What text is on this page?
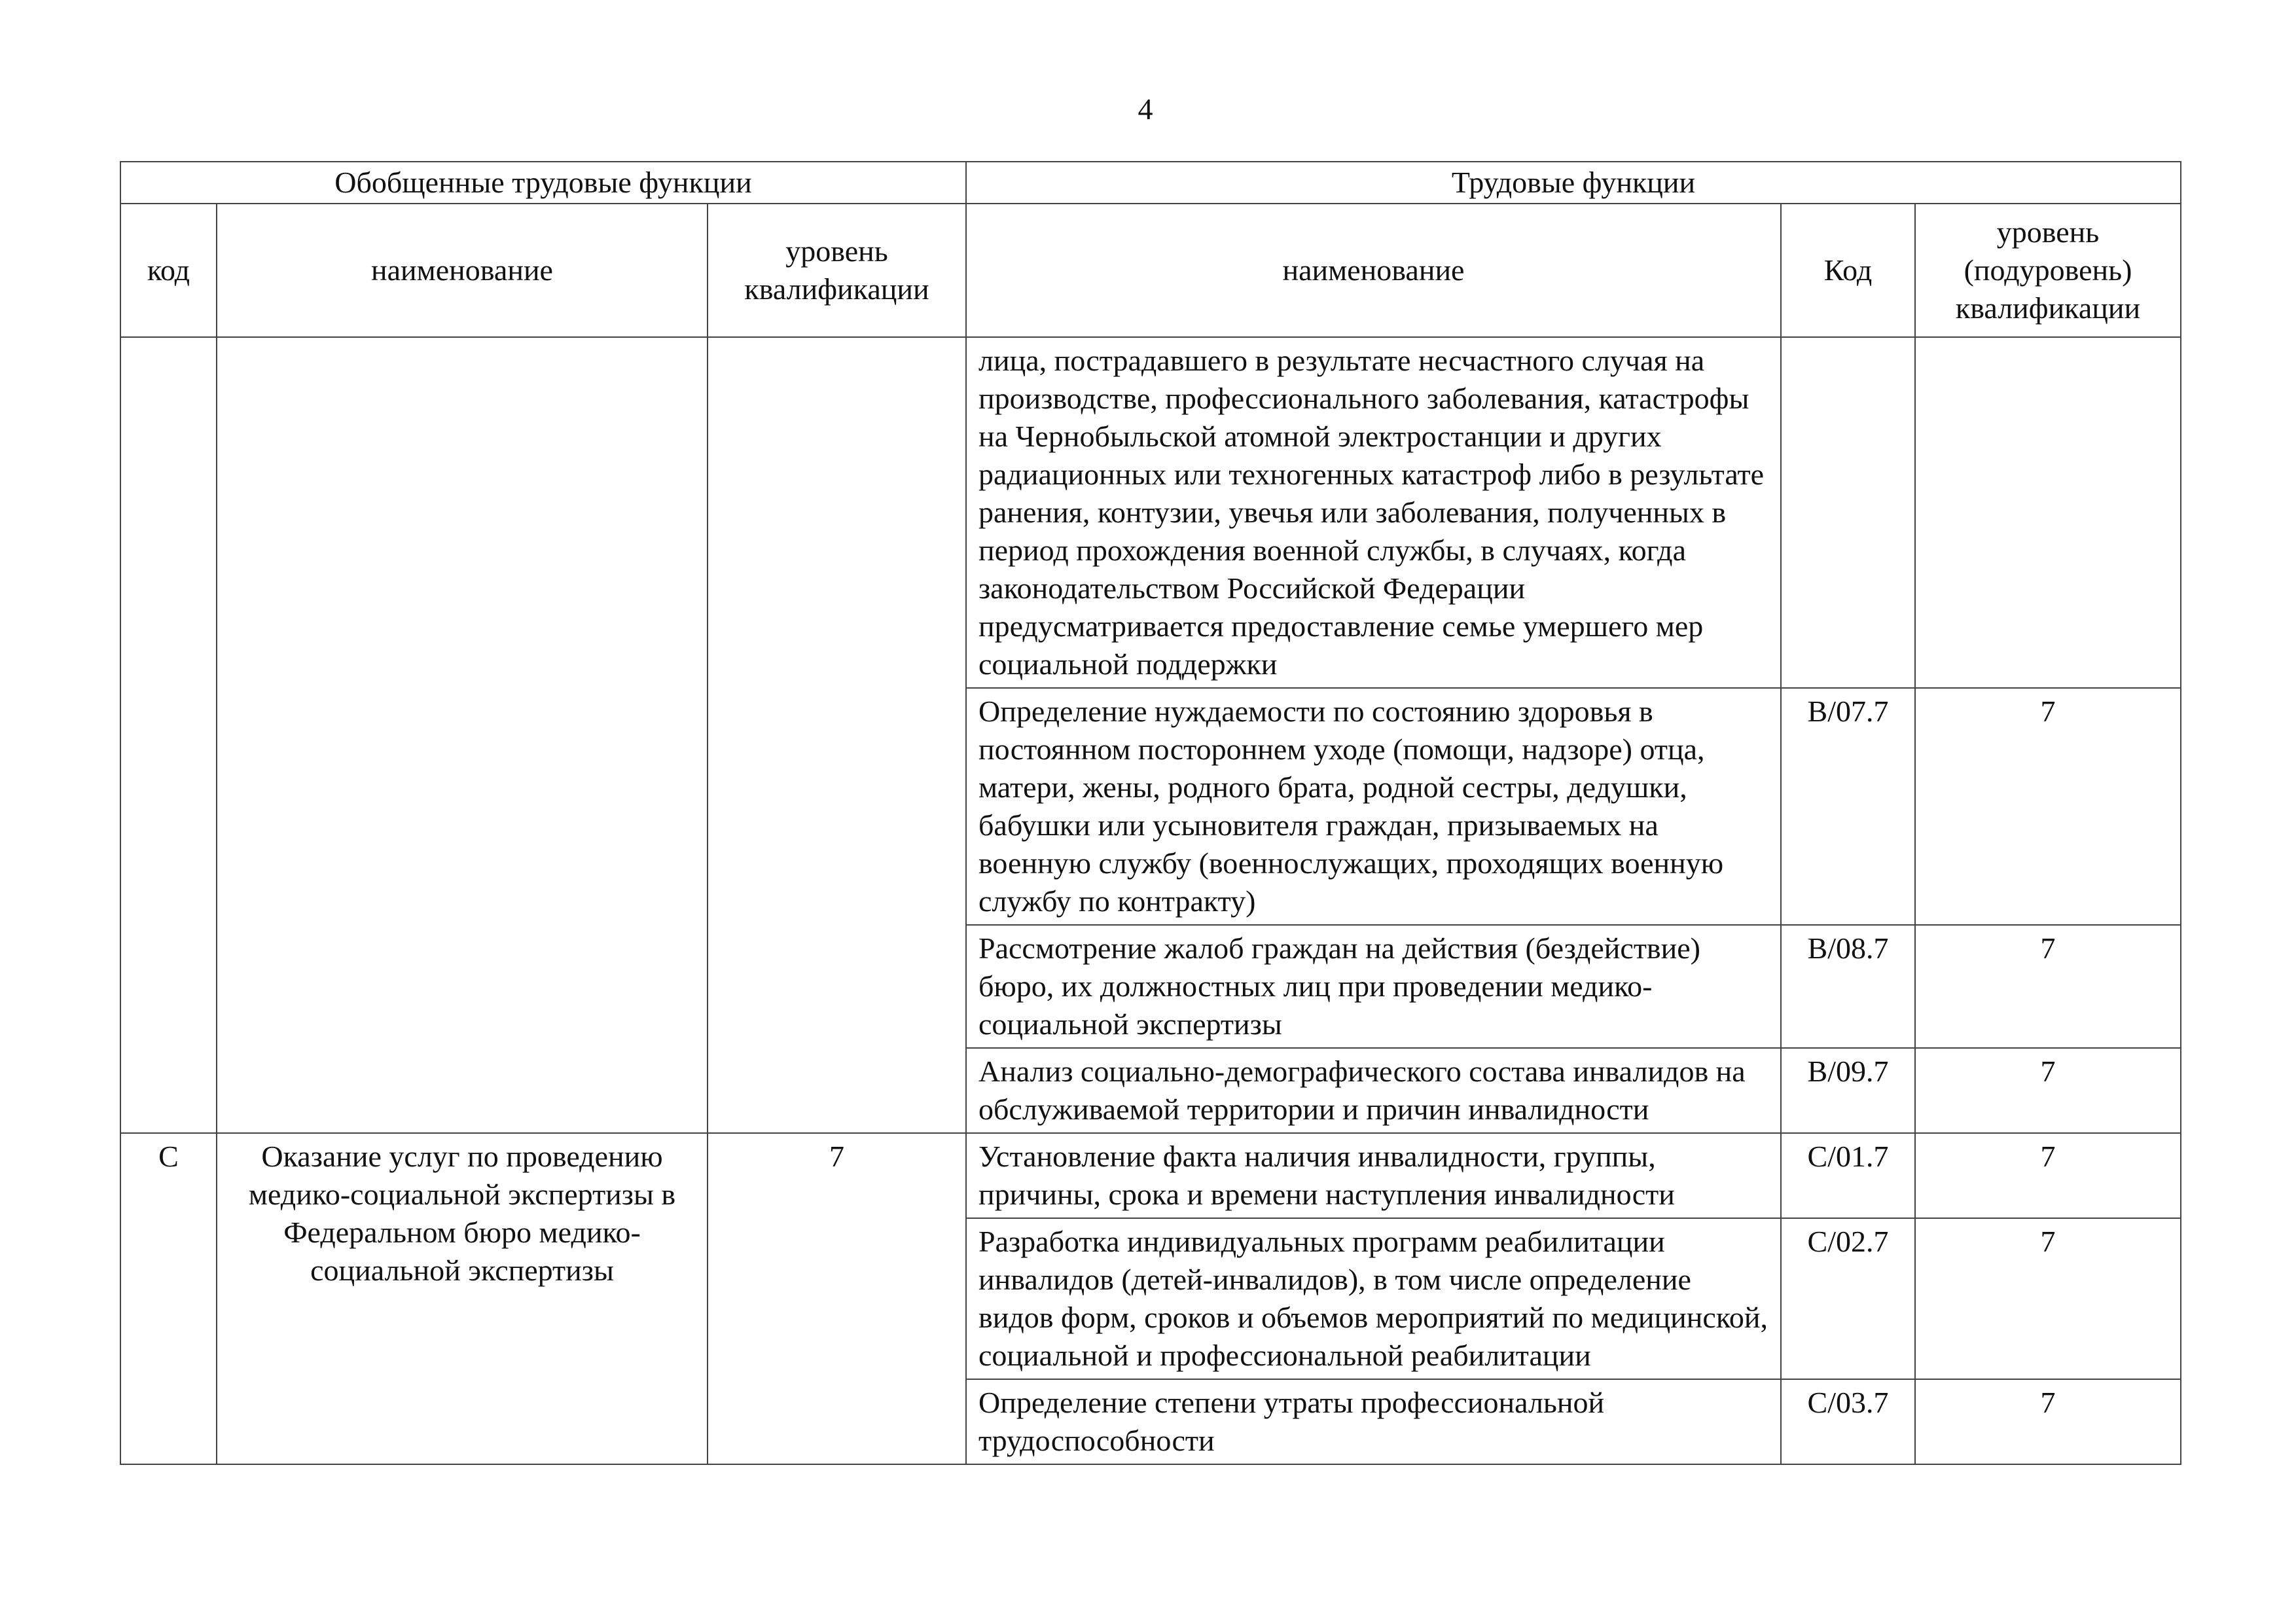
4
Обобщенные трудовые функции			Трудовые функции		
код	наименование	уровень квалификации	наименование	Код	уровень (подуровень) квалификации
			лица, пострадавшего в результате несчастного случая на производстве, профессионального заболевания, катастрофы на Чернобыльской атомной электростанции и других радиационных или техногенных катастроф либо в результате ранения, контузии, увечья или заболевания, полученных в период прохождения военной службы, в случаях, когда законодательством Российской Федерации предусматривается предоставление семье умершего мер социальной поддержки		
			Определение нуждаемости по состоянию здоровья в постоянном постороннем уходе (помощи, надзоре) отца, матери, жены, родного брата, родной сестры, дедушки, бабушки или усыновителя граждан, призываемых на военную службу (военнослужащих, проходящих военную службу по контракту)	В/07.7	7
			Рассмотрение жалоб граждан на действия (бездействие) бюро, их должностных лиц при проведении медико-социальной экспертизы	В/08.7	7
			Анализ социально-демографического состава инвалидов на обслуживаемой территории и причин инвалидности	В/09.7	7
С	Оказание услуг по проведению медико-социальной экспертизы в Федеральном бюро медико-социальной экспертизы	7	Установление факта наличия инвалидности, группы, причины, срока и времени наступления инвалидности	С/01.7	7
			Разработка индивидуальных программ реабилитации инвалидов (детей-инвалидов), в том числе определение видов форм, сроков и объемов мероприятий по медицинской, социальной и профессиональной реабилитации	С/02.7	7
			Определение степени утраты профессиональной трудоспособности	С/03.7	7
